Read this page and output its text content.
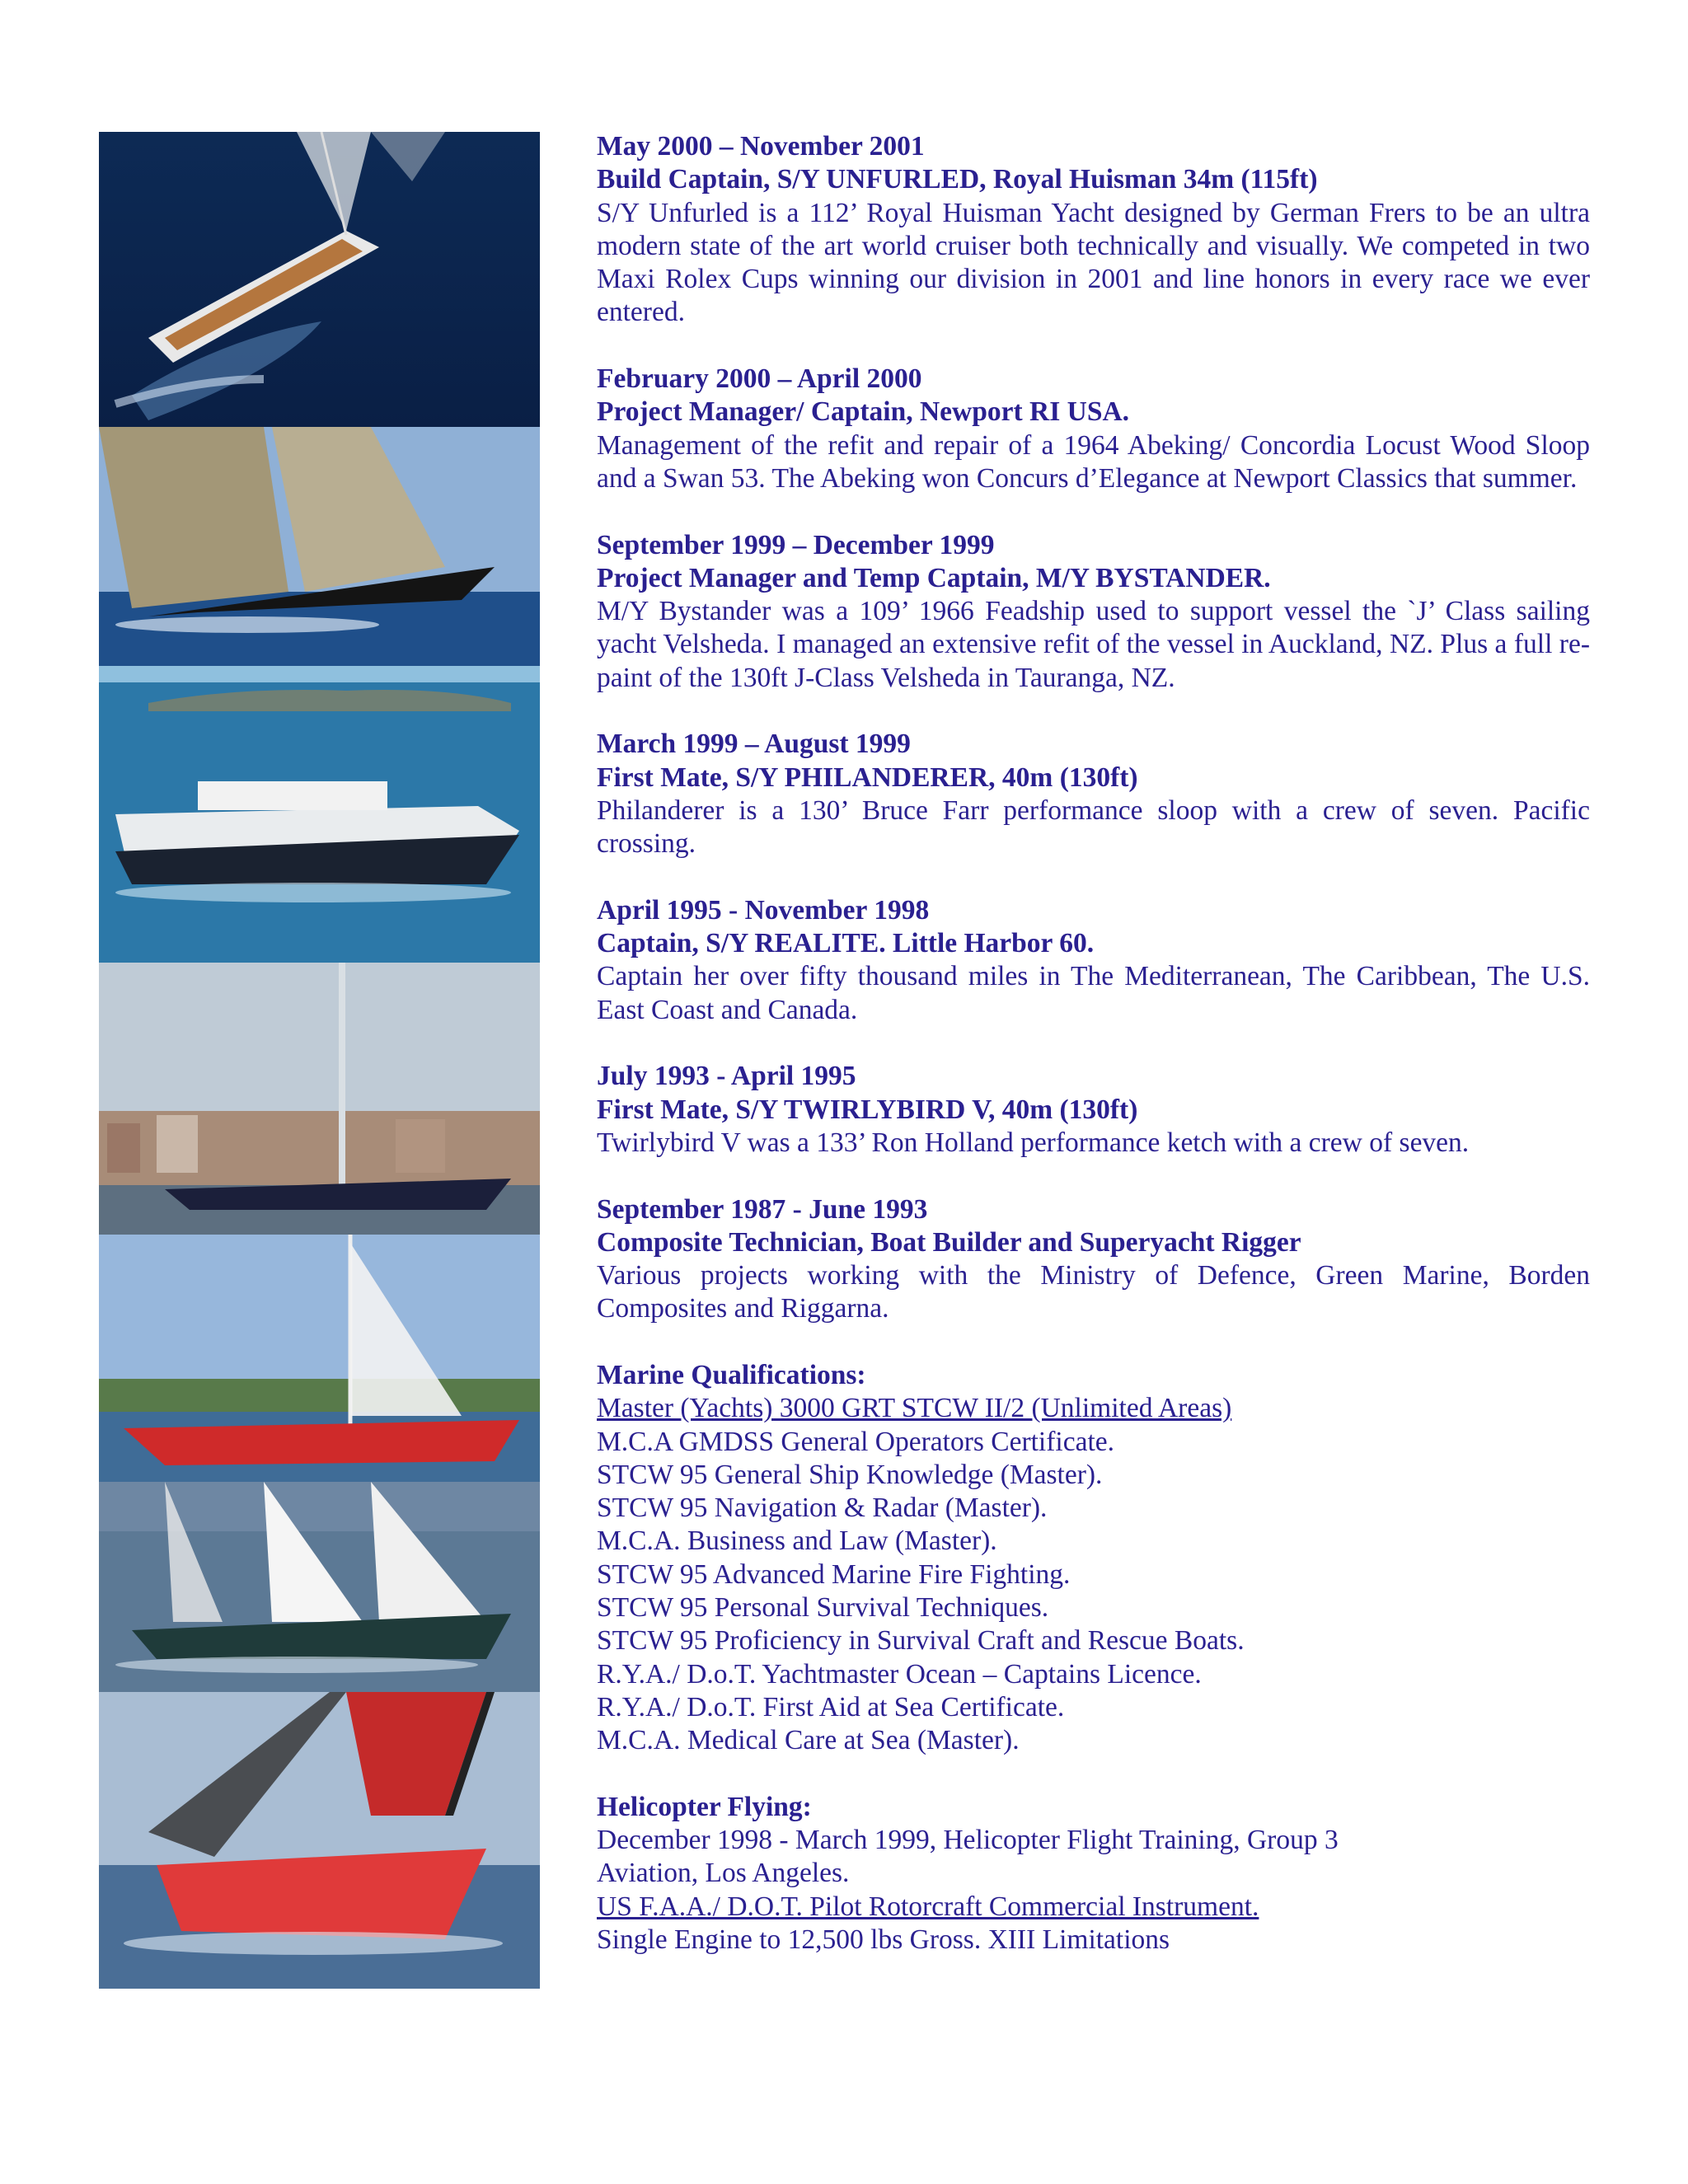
May 2000 – November 2001
Build Captain, S/Y UNFURLED, Royal Huisman 34m (115ft)
S/Y Unfurled is a 112’ Royal Huisman Yacht designed by German Frers to be an ultra modern state of the art world cruiser both technically and visually. We competed in two Maxi Rolex Cups winning our division in 2001 and line honors in every race we ever entered.
February 2000 – April 2000
Project Manager/ Captain, Newport RI USA.
Management of the refit and repair of a 1964 Abeking/ Concordia Locust Wood Sloop and a Swan 53. The Abeking won Concurs d’Elegance at Newport Classics that summer.
September 1999 – December 1999
Project Manager and Temp Captain, M/Y BYSTANDER.
M/Y Bystander was a 109’ 1966 Feadship used to support vessel the `J’ Class sailing yacht Velsheda. I managed an extensive refit of the vessel in Auckland, NZ. Plus a full re-paint of the 130ft J-Class Velsheda in Tauranga, NZ.
March 1999 – August 1999
First Mate, S/Y PHILANDERER, 40m (130ft)
Philanderer is a 130’ Bruce Farr performance sloop with a crew of seven. Pacific crossing.
April 1995 - November 1998
Captain, S/Y REALITE. Little Harbor 60.
Captain her over fifty thousand miles in The Mediterranean, The Caribbean, The U.S. East Coast and Canada.
July 1993 - April 1995
First Mate, S/Y TWIRLYBIRD V, 40m (130ft)
Twirlybird V was a 133’ Ron Holland performance ketch with a crew of seven.
September 1987 - June 1993
Composite Technician, Boat Builder and Superyacht Rigger
Various projects working with the Ministry of Defence, Green Marine, Borden Composites and Riggarna.
Marine Qualifications:
Master (Yachts) 3000 GRT STCW II/2 (Unlimited Areas)
M.C.A GMDSS General Operators Certificate.
STCW 95 General Ship Knowledge (Master).
STCW 95 Navigation & Radar (Master).
M.C.A. Business and Law (Master).
STCW 95 Advanced Marine Fire Fighting.
STCW 95 Personal Survival Techniques.
STCW 95 Proficiency in Survival Craft and Rescue Boats.
R.Y.A./ D.o.T. Yachtmaster Ocean – Captains Licence.
R.Y.A./ D.o.T. First Aid at Sea Certificate.
M.C.A. Medical Care at Sea (Master).
Helicopter Flying:
December 1998 - March 1999, Helicopter Flight Training, Group 3
Aviation, Los Angeles.
US F.A.A./ D.O.T. Pilot Rotorcraft Commercial Instrument.
Single Engine to 12,500 lbs Gross. XIII Limitations
